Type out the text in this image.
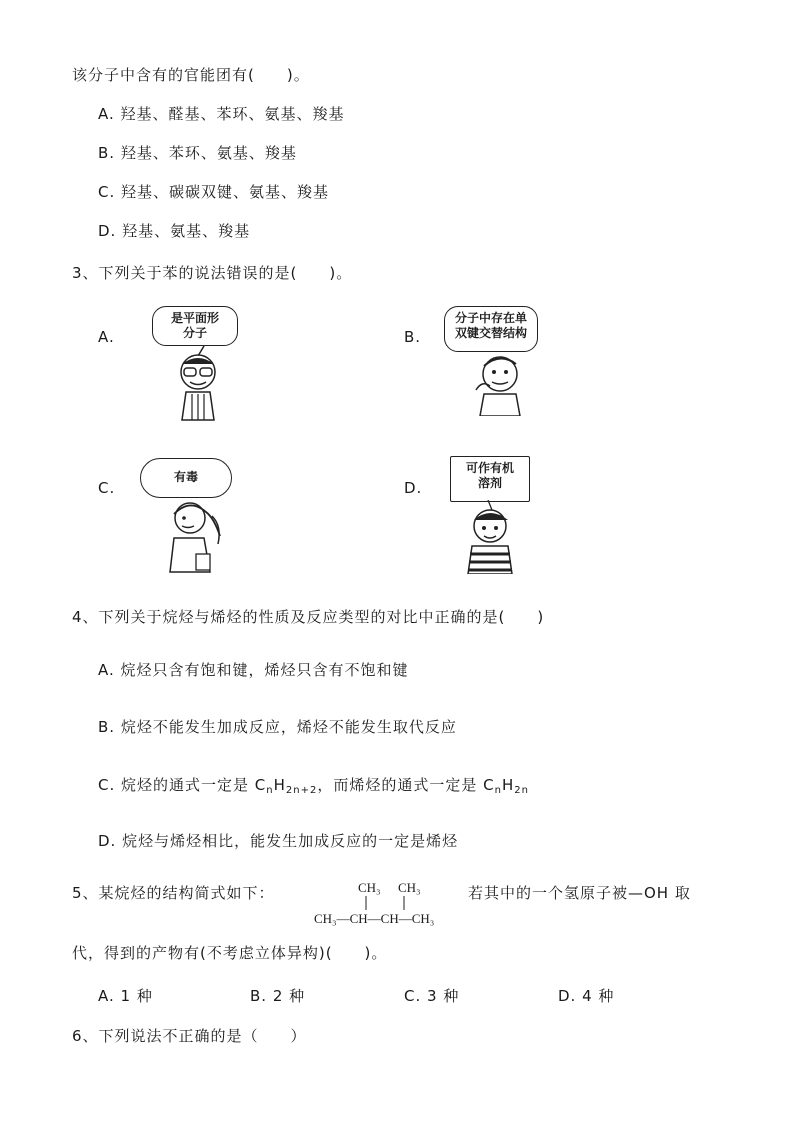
该分子中含有的官能团有(　　)。
A. 羟基、醛基、苯环、氨基、羧基
B. 羟基、苯环、氨基、羧基
C. 羟基、碳碳双键、氨基、羧基
D. 羟基、氨基、羧基
3、下列关于苯的说法错误的是(　　)。
A.
是平面形
分子	B.
分子中存在单
双键交替结构
C.
有毒
D.
可作有机
溶剂
4、下列关于烷烃与烯烃的性质及反应类型的对比中正确的是(　　)
A. 烷烃只含有饱和键，烯烃只含有不饱和键
B. 烷烃不能发生加成反应，烯烃不能发生取代反应
C. 烷烃的通式一定是 $C_nH_{2n+2}$，而烯烃的通式一定是 $C_nH_{2n}$
D. 烷烃与烯烃相比，能发生加成反应的一定是烯烃
5、某烷烃的结构简式如下：	CH₃ CH₃
CH₃—CH—CH—CH₃
若其中的一个氢原子被—OH 取
代，得到的产物有(不考虑立体异构)(　　)。
A. 1 种	B. 2 种	C. 3 种	D. 4 种
6、下列说法不正确的是（　　）
